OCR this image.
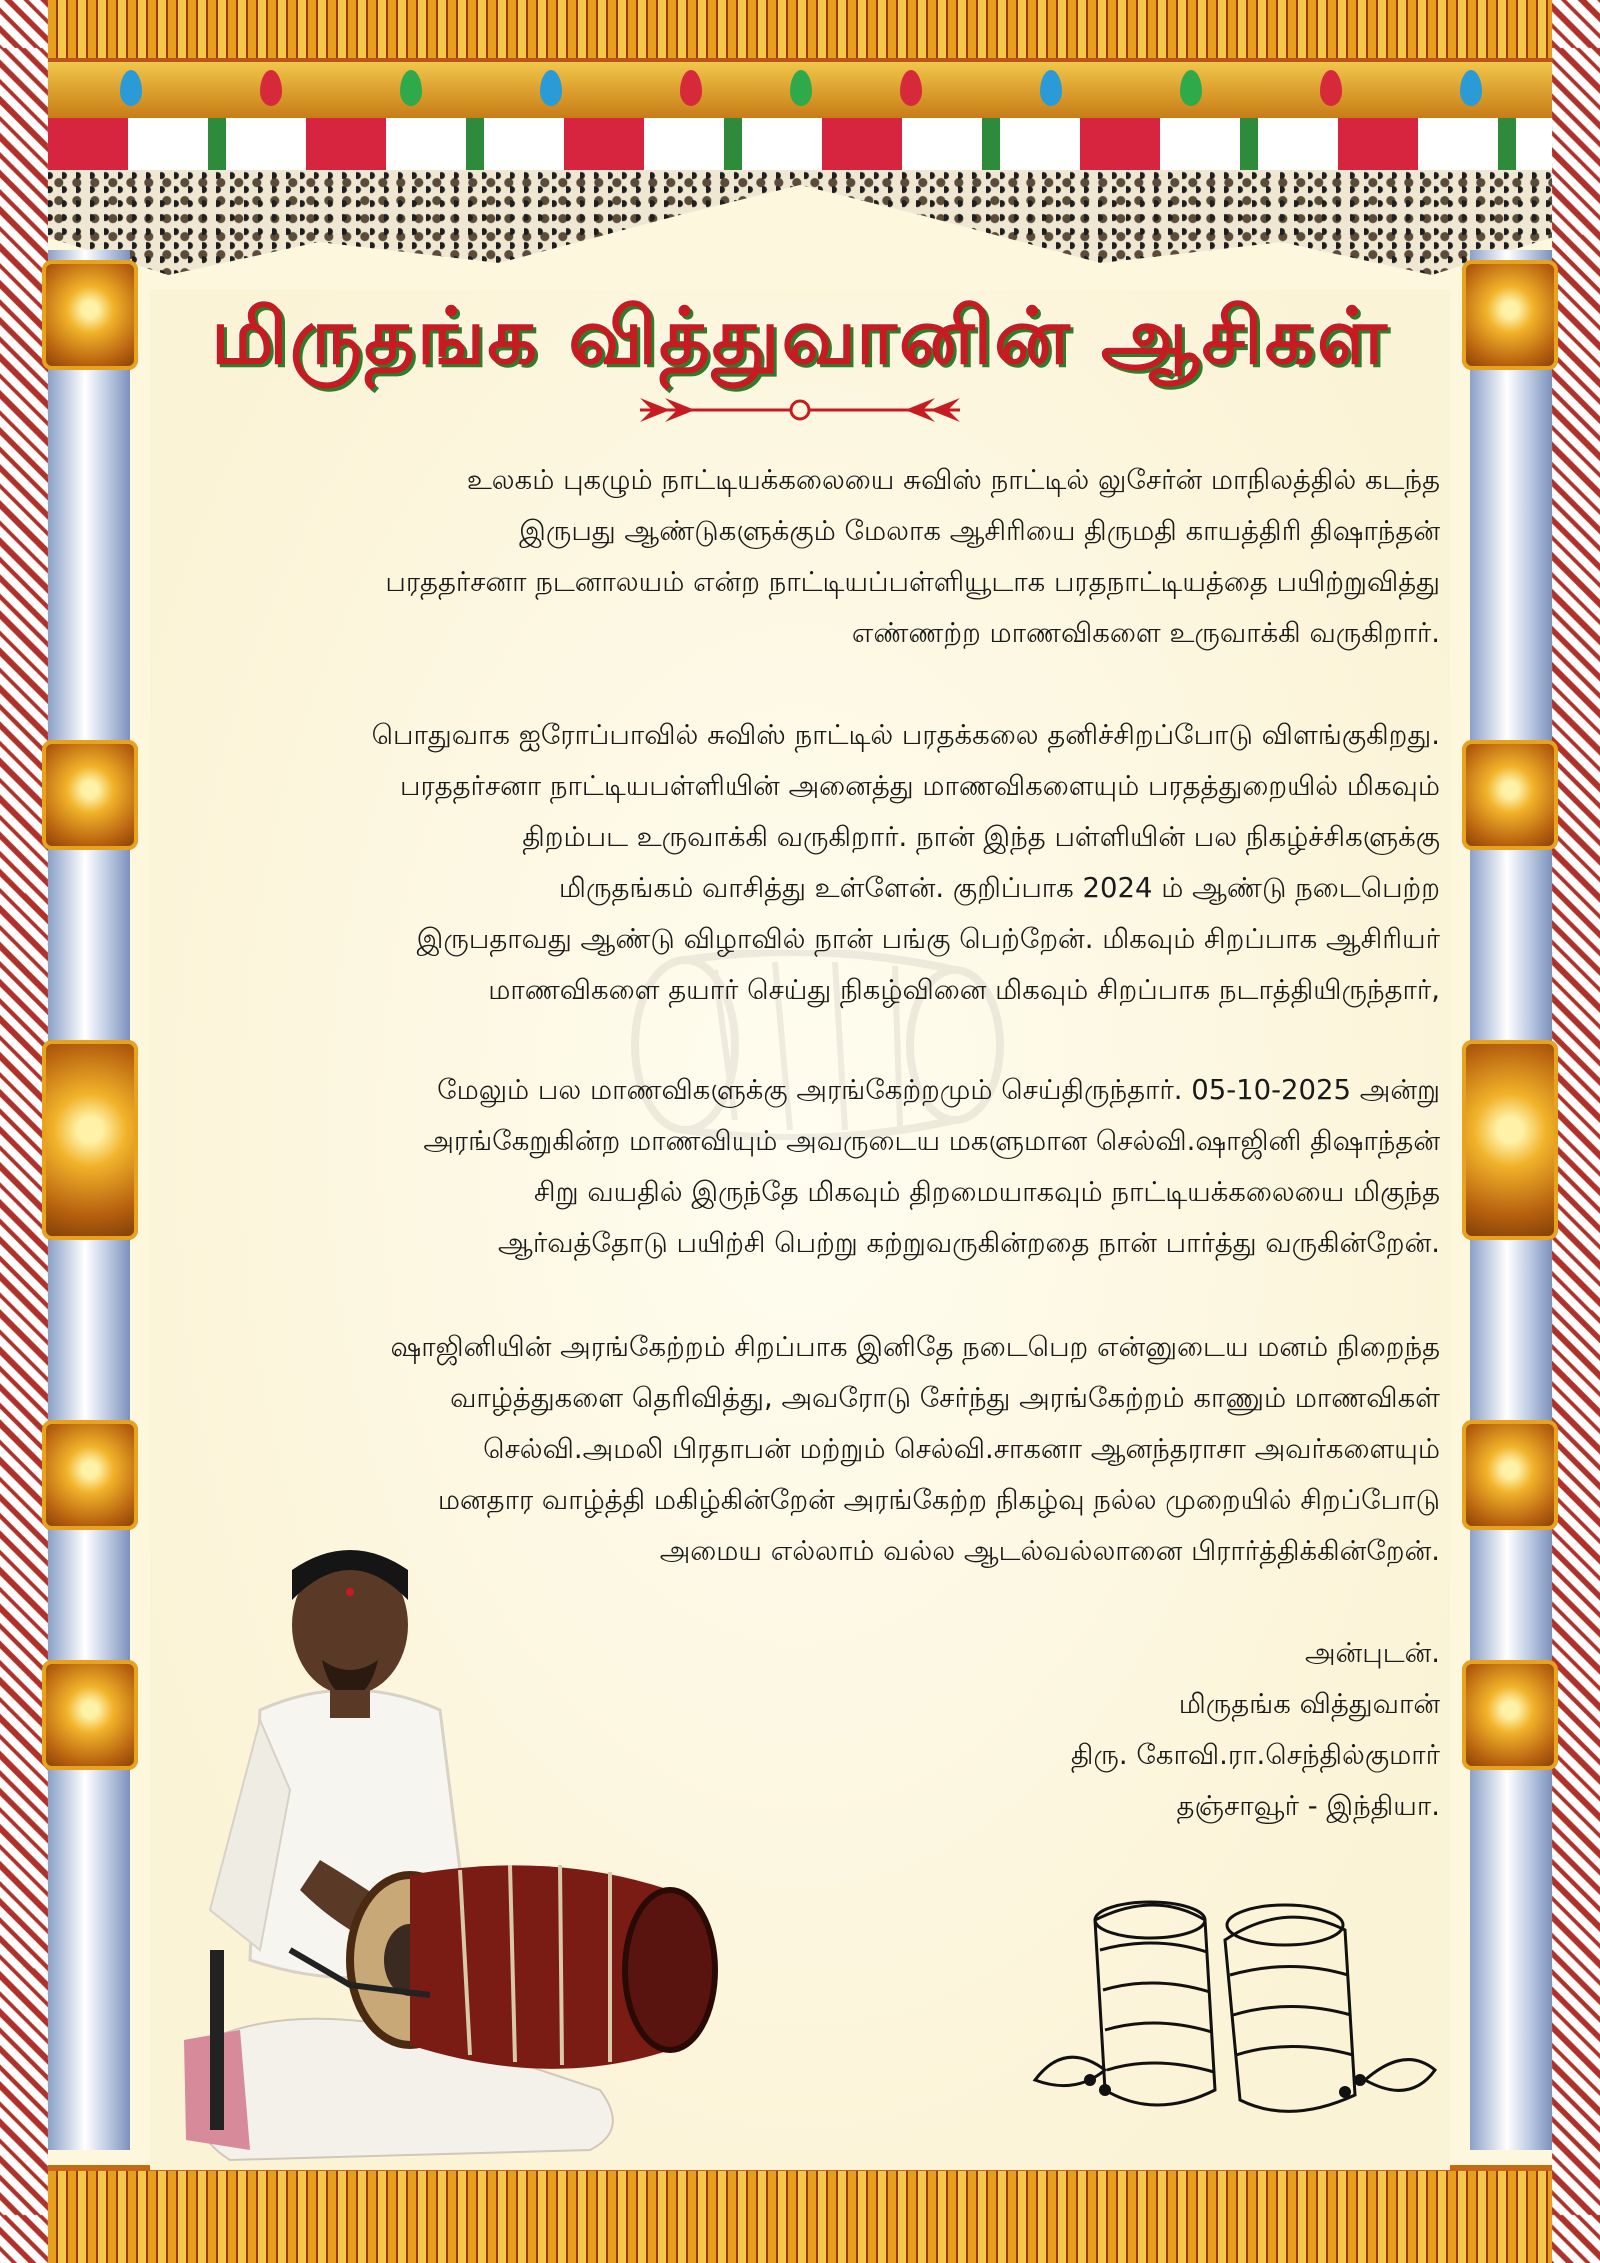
மிருதங்க வித்துவானின் ஆசிகள்
உலகம் புகழும் நாட்டியக்கலையை சுவிஸ் நாட்டில் லுசேர்ன் மாநிலத்தில் கடந்த
இருபது ஆண்டுகளுக்கும் மேலாக ஆசிரியை திருமதி காயத்திரி திஷாந்தன்
பரததர்சனா நடனாலயம் என்ற நாட்டியப்பள்ளியூடாக பரதநாட்டியத்தை பயிற்றுவித்து
எண்ணற்ற மாணவிகளை உருவாக்கி வருகிறார்.
பொதுவாக ஐரோப்பாவில் சுவிஸ் நாட்டில் பரதக்கலை தனிச்சிறப்போடு விளங்குகிறது.
பரததர்சனா நாட்டியபள்ளியின் அனைத்து மாணவிகளையும் பரதத்துறையில் மிகவும்
திறம்பட உருவாக்கி வருகிறார். நான் இந்த பள்ளியின் பல நிகழ்ச்சிகளுக்கு
மிருதங்கம் வாசித்து உள்ளேன். குறிப்பாக 2024 ம் ஆண்டு நடைபெற்ற
இருபதாவது ஆண்டு விழாவில் நான் பங்கு பெற்றேன். மிகவும் சிறப்பாக ஆசிரியர்
மாணவிகளை தயார் செய்து நிகழ்வினை மிகவும் சிறப்பாக நடாத்தியிருந்தார்,
மேலும் பல மாணவிகளுக்கு அரங்கேற்றமும் செய்திருந்தார். 05-10-2025 அன்று
அரங்கேறுகின்ற மாணவியும் அவருடைய மகளுமான செல்வி.ஷாஜினி திஷாந்தன்
சிறு வயதில் இருந்தே மிகவும் திறமையாகவும் நாட்டியக்கலையை மிகுந்த
ஆர்வத்தோடு பயிற்சி பெற்று கற்றுவருகின்றதை நான் பார்த்து வருகின்றேன்.
ஷாஜினியின் அரங்கேற்றம் சிறப்பாக இனிதே நடைபெற என்னுடைய மனம் நிறைந்த
வாழ்த்துகளை தெரிவித்து, அவரோடு சேர்ந்து அரங்கேற்றம் காணும் மாணவிகள்
செல்வி.அமலி பிரதாபன் மற்றும் செல்வி.சாகனா ஆனந்தராசா அவர்களையும்
மனதார வாழ்த்தி மகிழ்கின்றேன் அரங்கேற்ற நிகழ்வு நல்ல முறையில் சிறப்போடு
அமைய எல்லாம் வல்ல ஆடல்வல்லானை பிரார்த்திக்கின்றேன்.
அன்புடன்.
மிருதங்க வித்துவான்
திரு. கோவி.ரா.செந்தில்குமார்
தஞ்சாவூர் - இந்தியா.
